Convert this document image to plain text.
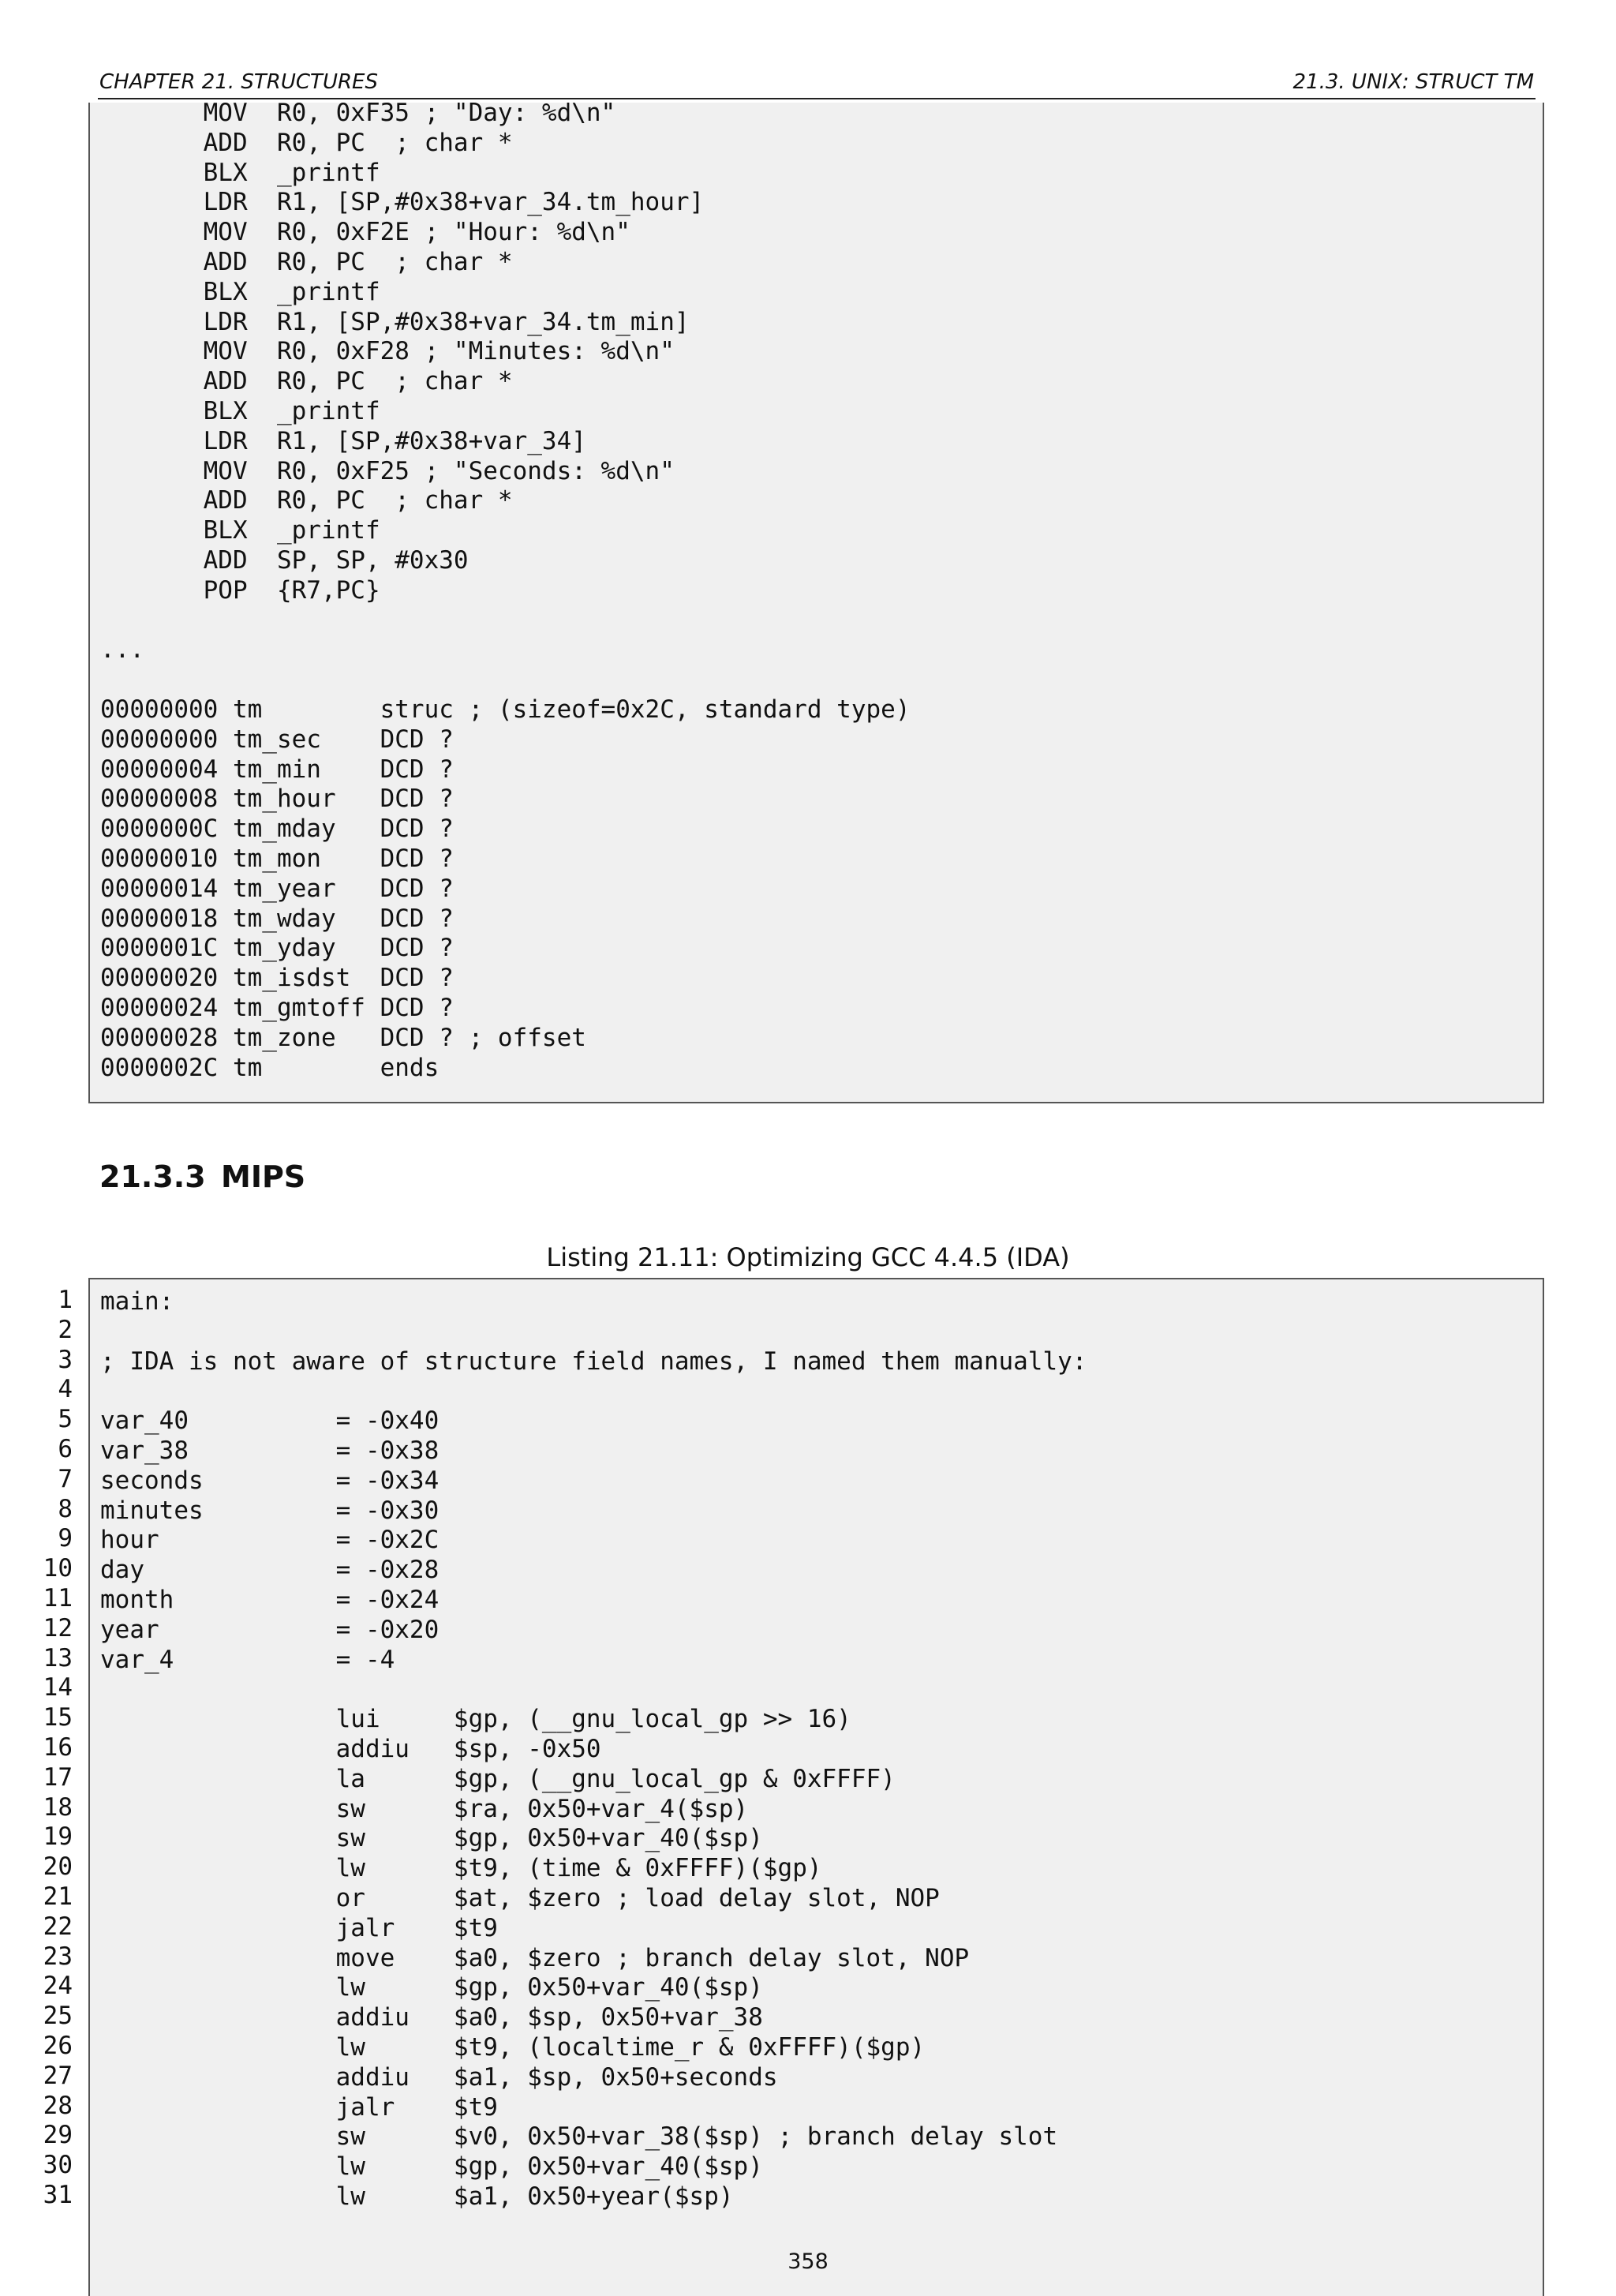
CHAPTER 21. STRUCTURES	21.3. UNIX: STRUCT TM
MOV  R0, 0xF35 ; "Day: %d\n"
ADD  R0, PC  ; char *
BLX  _printf
LDR  R1, [SP,#0x38+var_34.tm_hour]
MOV  R0, 0xF2E ; "Hour: %d\n"
ADD  R0, PC  ; char *
BLX  _printf
LDR  R1, [SP,#0x38+var_34.tm_min]
MOV  R0, 0xF28 ; "Minutes: %d\n"
ADD  R0, PC  ; char *
BLX  _printf
LDR  R1, [SP,#0x38+var_34]
MOV  R0, 0xF25 ; "Seconds: %d\n"
ADD  R0, PC  ; char *
BLX  _printf
ADD  SP, SP, #0x30
POP  {R7,PC}

...

00000000 tm        struc ; (sizeof=0x2C, standard type)
00000000 tm_sec    DCD ?
00000004 tm_min    DCD ?
00000008 tm_hour   DCD ?
0000000C tm_mday   DCD ?
00000010 tm_mon    DCD ?
00000014 tm_year   DCD ?
00000018 tm_wday   DCD ?
0000001C tm_yday   DCD ?
00000020 tm_isdst  DCD ?
00000024 tm_gmtoff DCD ?
00000028 tm_zone   DCD ? ; offset
0000002C tm        ends
21.3.3 MIPS
Listing 21.11: Optimizing GCC 4.4.5 (IDA)
1
2
3
4
5
6
7
8
9
10
11
12
13
14
15
16
17
18
19
20
21
22
23
24
25
26
27
28
29
30
31
main:

; IDA is not aware of structure field names, I named them manually:

var_40          = -0x40
var_38          = -0x38
seconds         = -0x34
minutes         = -0x30
hour            = -0x2C
day             = -0x28
month           = -0x24
year            = -0x20
var_4           = -4

lui     $gp, (__gnu_local_gp >> 16)
addiu   $sp, -0x50
la      $gp, (__gnu_local_gp & 0xFFFF)
sw      $ra, 0x50+var_4($sp)
sw      $gp, 0x50+var_40($sp)
lw      $t9, (time & 0xFFFF)($gp)
or      $at, $zero ; load delay slot, NOP
jalr    $t9
move    $a0, $zero ; branch delay slot, NOP
lw      $gp, 0x50+var_40($sp)
addiu   $a0, $sp, 0x50+var_38
lw      $t9, (localtime_r & 0xFFFF)($gp)
addiu   $a1, $sp, 0x50+seconds
jalr    $t9
sw      $v0, 0x50+var_38($sp) ; branch delay slot
lw      $gp, 0x50+var_40($sp)
lw      $a1, 0x50+year($sp)
358
